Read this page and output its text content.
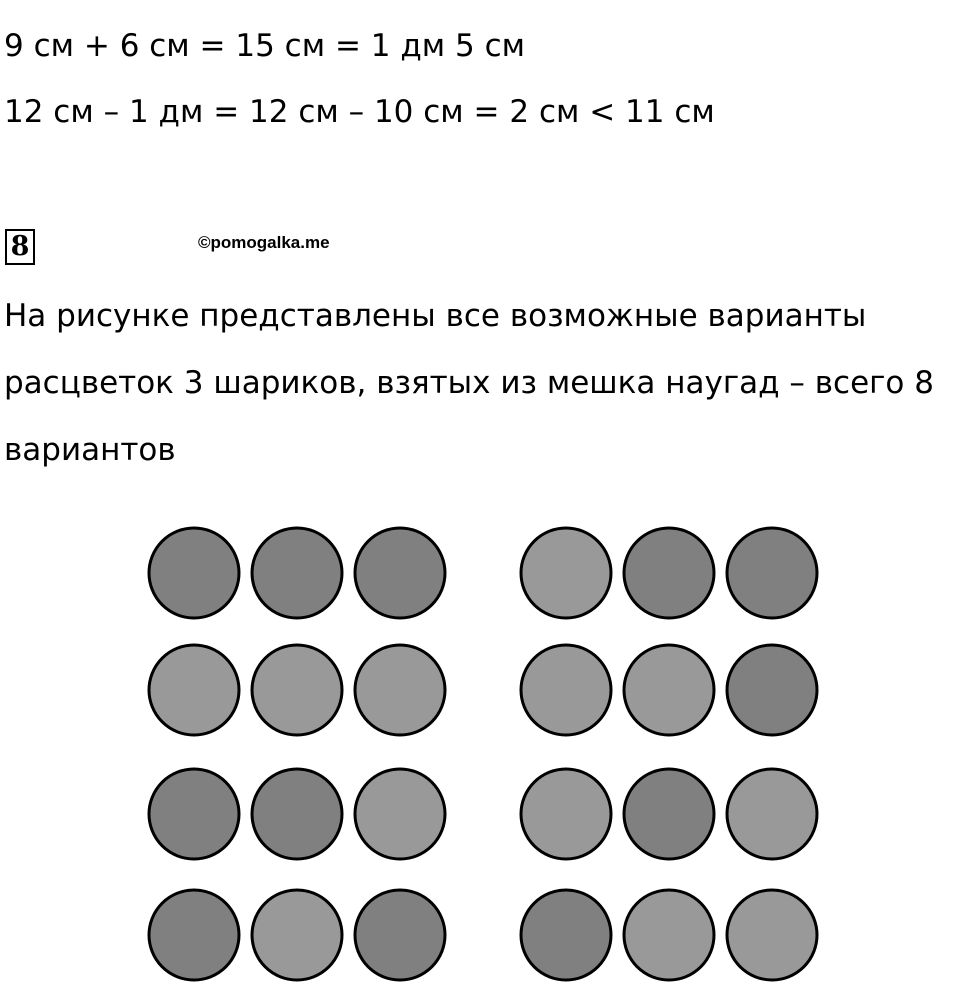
9 см + 6 см = 15 см = 1 дм 5 см
12 см – 1 дм = 12 см – 10 см = 2 см < 11 см
8	©pomogalka.me
На рисунке представлены все возможные варианты
расцветок 3 шариков, взятых из мешка наугад – всего 8
вариантов
